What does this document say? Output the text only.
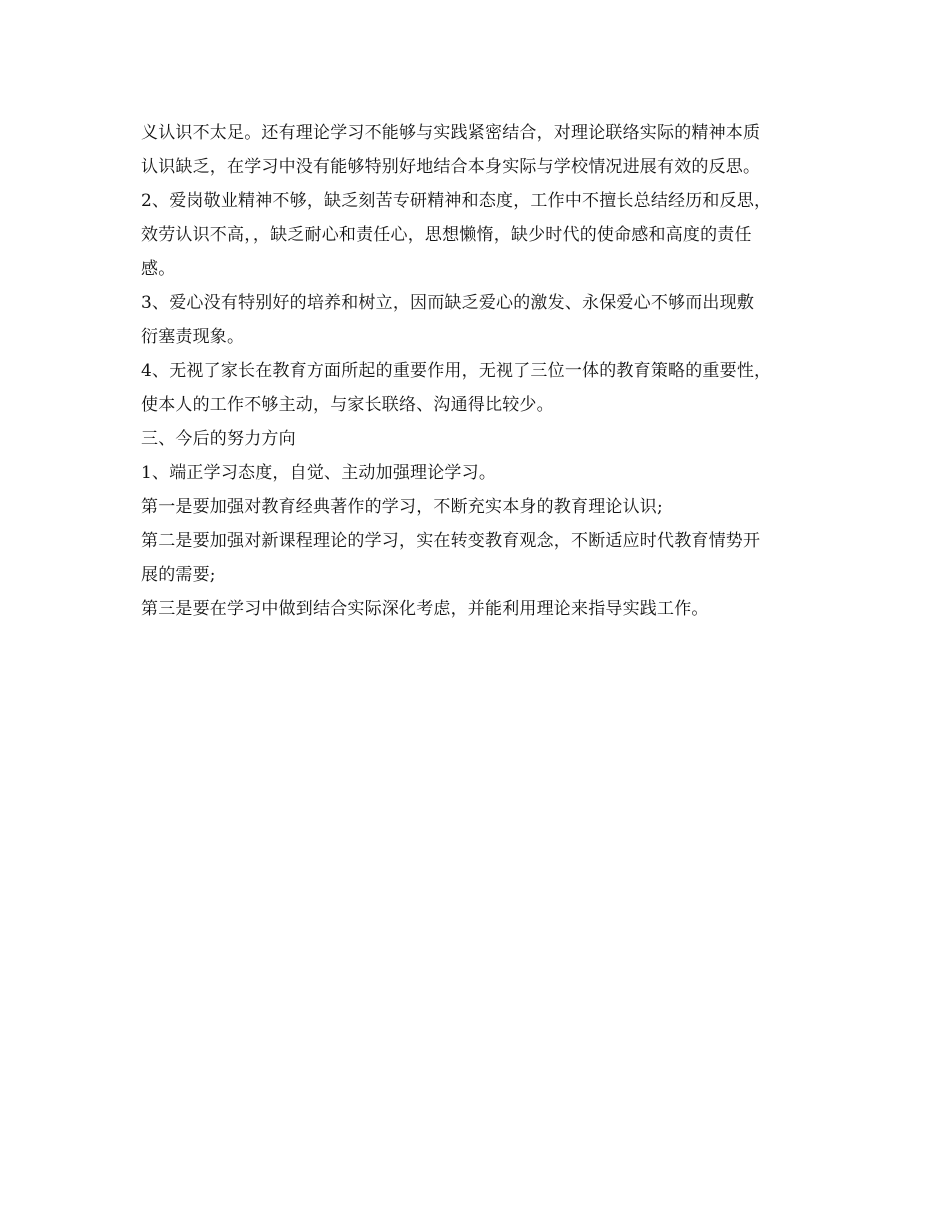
义认识不太足。还有理论学习不能够与实践紧密结合，对理论联络实际的精神本质
认识缺乏，在学习中没有能够特别好地结合本身实际与学校情况进展有效的反思。
2、爱岗敬业精神不够，缺乏刻苦专研精神和态度，工作中不擅长总结经历和反思，
效劳认识不高，，缺乏耐心和责任心，思想懒惰，缺少时代的使命感和高度的责任
感。
3、爱心没有特别好的培养和树立，因而缺乏爱心的激发、永保爱心不够而出现敷
衍塞责现象。
4、无视了家长在教育方面所起的重要作用，无视了三位一体的教育策略的重要性，
使本人的工作不够主动，与家长联络、沟通得比较少。
三、今后的努力方向
1、端正学习态度，自觉、主动加强理论学习。
第一是要加强对教育经典著作的学习，不断充实本身的教育理论认识;
第二是要加强对新课程理论的学习，实在转变教育观念，不断适应时代教育情势开
展的需要;
第三是要在学习中做到结合实际深化考虑，并能利用理论来指导实践工作。
